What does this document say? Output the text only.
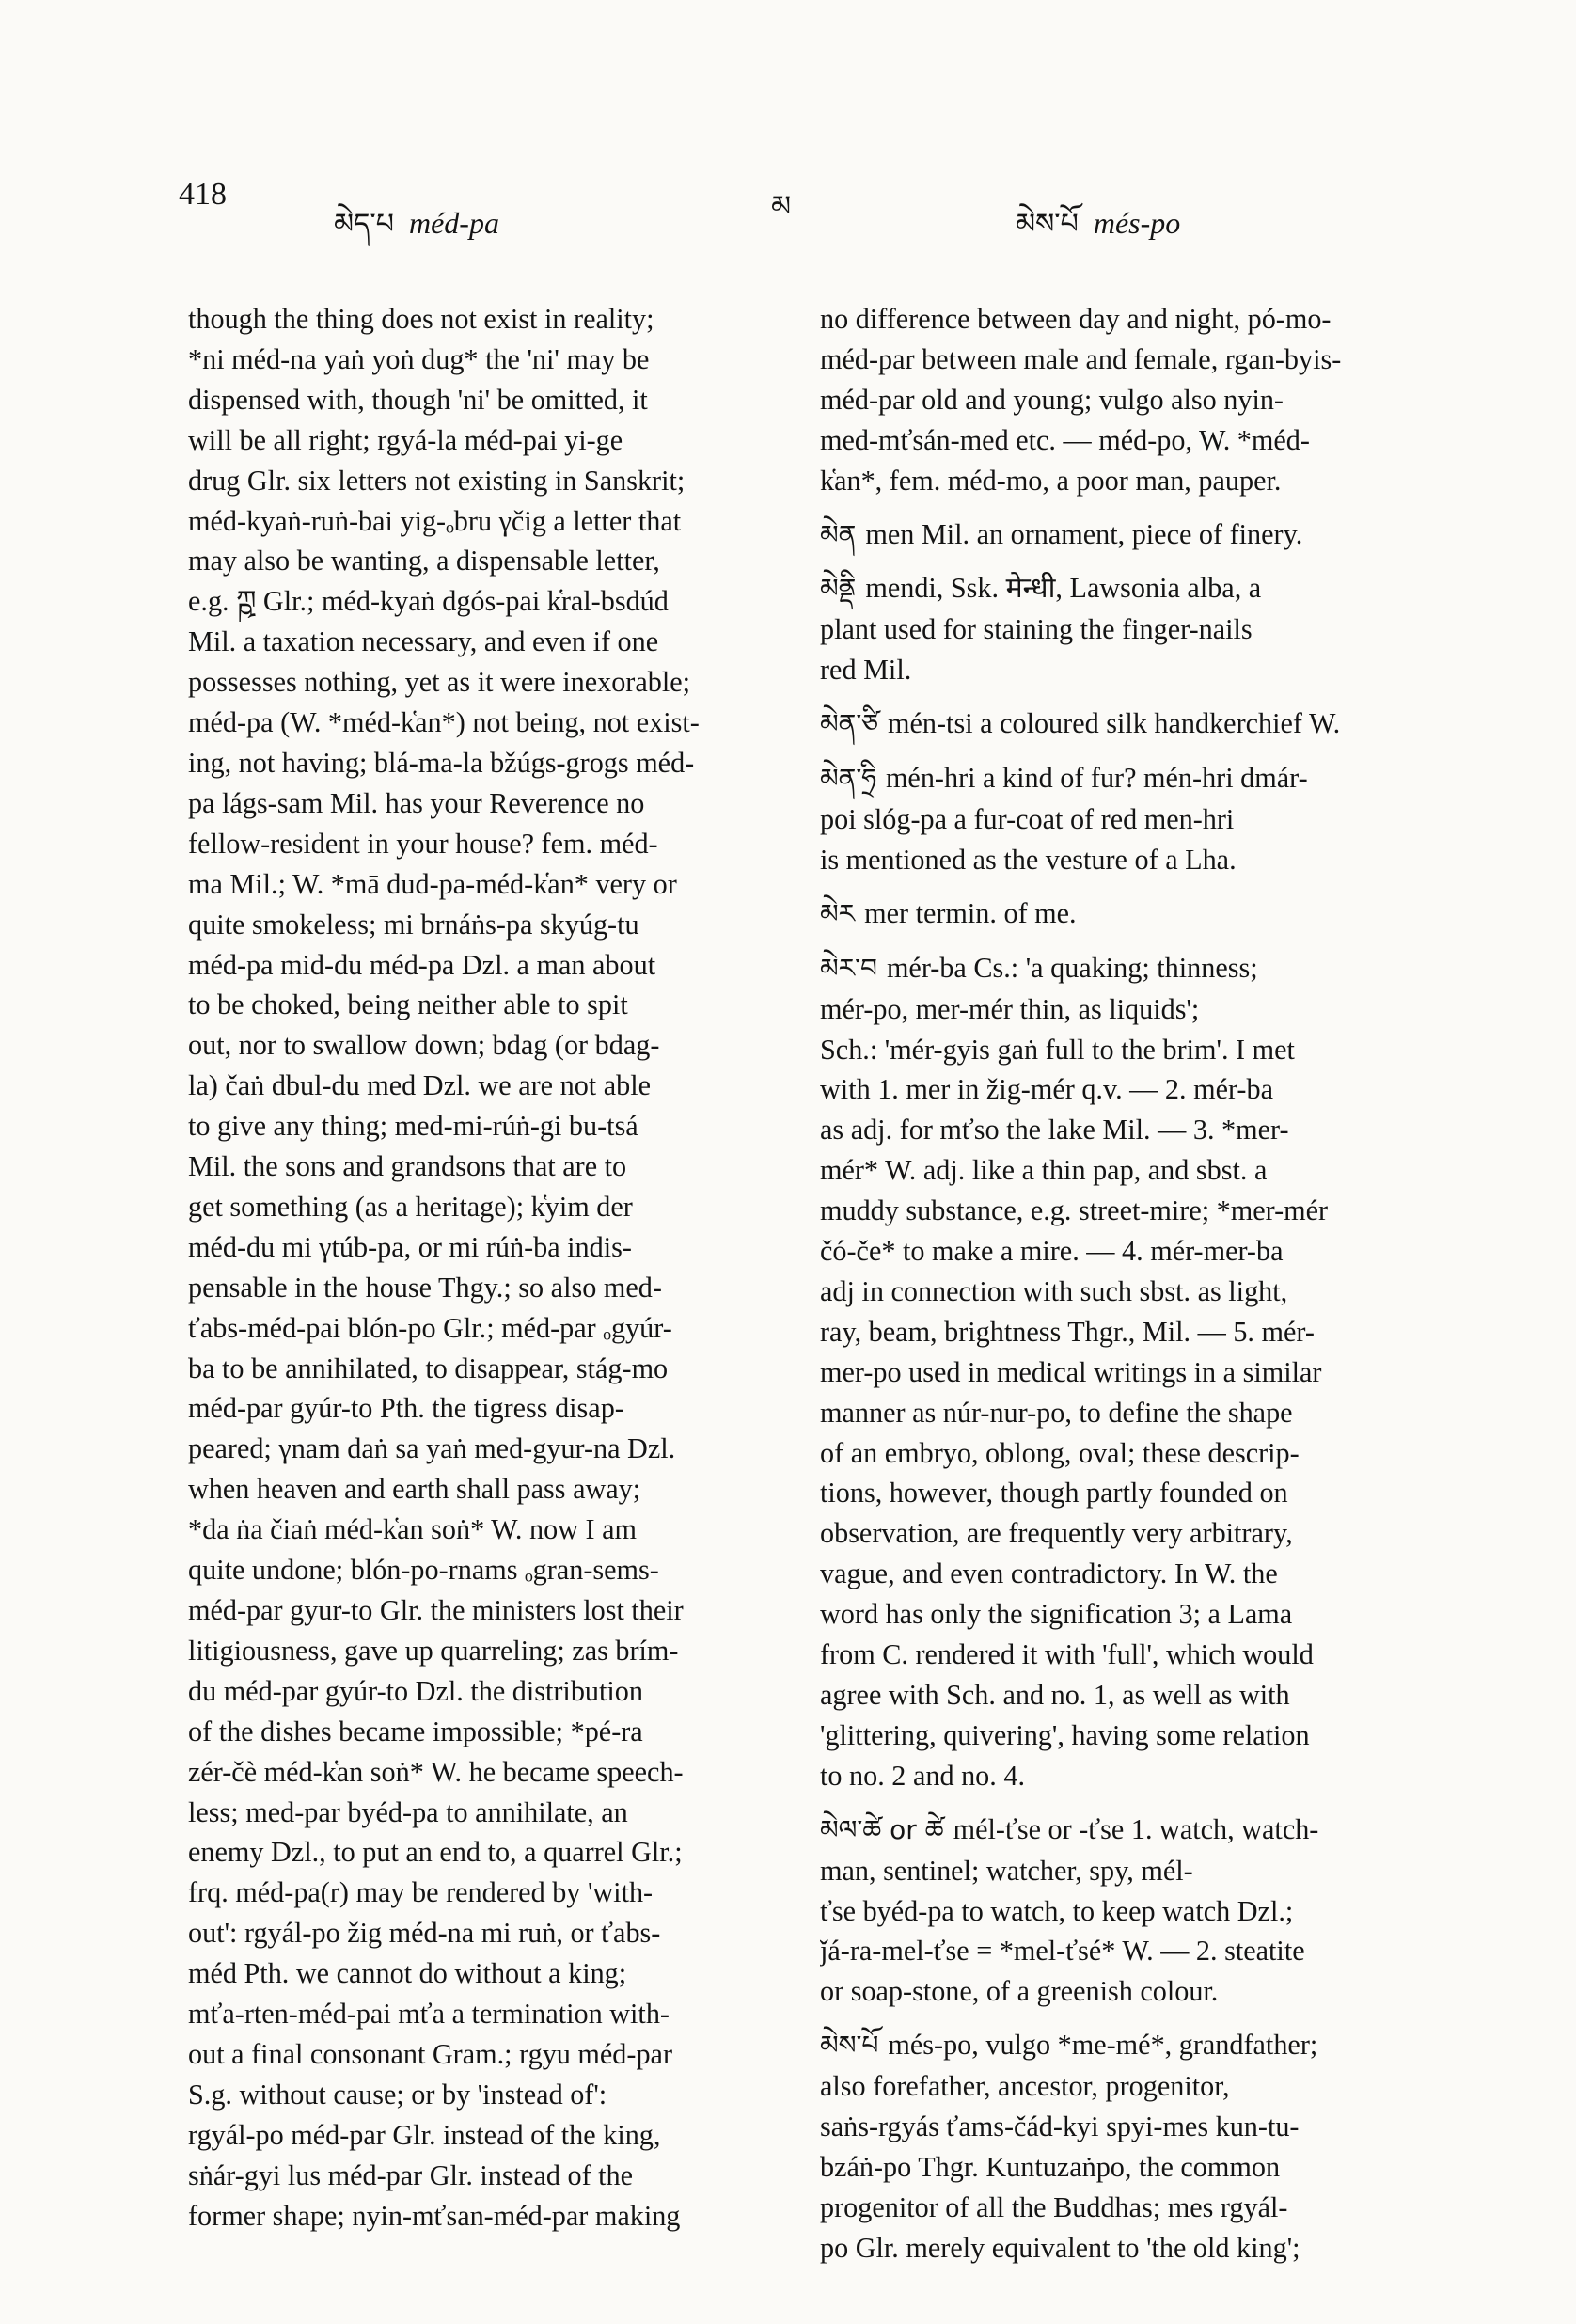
418
མེད་པ méd-pa	མ
མེས་པོ més-po
though the thing does not exist in reality;
*ni méd-na yaṅ yoṅ dug* the 'ni' may be
dispensed with, though 'ni' be omitted, it
will be all right; rgyá-la méd-pai yi-ge
drug Glr. six letters not existing in Sanskrit;
méd-kyaṅ-ruṅ-bai yig-ₒbru γčig a letter that
may also be wanting, a dispensable letter,
e.g. ཀྵ Glr.; méd-kyaṅ dgós-pai k̔ral-bsdúd
Mil. a taxation necessary, and even if one
possesses nothing, yet as it were inexorable;
méd-pa (W. *méd-k̔an*) not being, not exist-
ing, not having; blá-ma-la bžúgs-grogs méd-
pa lágs-sam Mil. has your Reverence no
fellow-resident in your house? fem. méd-
ma Mil.; W. *mā dud-pa-méd-k̔an* very or
quite smokeless; mi brnáṅs-pa skyúg-tu
méd-pa mid-du méd-pa Dzl. a man about
to be choked, being neither able to spit
out, nor to swallow down; bdag (or bdag-
la) čaṅ dbul-du med Dzl. we are not able
to give any thing; med-mi-rúṅ-gi bu-tsá
Mil. the sons and grandsons that are to
get something (as a heritage); k̔yim der
méd-du mi γtúb-pa, or mi rúṅ-ba indis-
pensable in the house Thgy.; so also med-
ťabs-méd-pai blón-po Glr.; méd-par ₒgyúr-
ba to be annihilated, to disappear, stág-mo
méd-par gyúr-to Pth. the tigress disap-
peared; γnam daṅ sa yaṅ med-gyur-na Dzl.
when heaven and earth shall pass away;
*da ṅa čiaṅ méd-k̔an soṅ* W. now I am
quite undone; blón-po-rnams ₒgran-sems-
méd-par gyur-to Glr. the ministers lost their
litigiousness, gave up quarreling; zas brím-
du méd-par gyúr-to Dzl. the distribution
of the dishes became impossible; *pé-ra
zér-čè méd-k̔an soṅ* W. he became speech-
less; med-par byéd-pa to annihilate, an
enemy Dzl., to put an end to, a quarrel Glr.;
frq. méd-pa(r) may be rendered by 'with-
out': rgyál-po žig méd-na mi ruṅ, or ťabs-
méd Pth. we cannot do without a king;
mťa-rten-méd-pai mťa a termination with-
out a final consonant Gram.; rgyu méd-par
S.g. without cause; or by 'instead of':
rgyál-po méd-par Glr. instead of the king,
sṅár-gyi lus méd-par Glr. instead of the
former shape; nyin-mťsan-méd-par making
no difference between day and night, pó-mo-
méd-par between male and female, rgan-byis-
méd-par old and young; vulgo also nyin-
med-mťsán-med etc. — méd-po, W. *méd-
k̔an*, fem. méd-mo, a poor man, pauper.
མེན men Mil. an ornament, piece of finery.

མེནྡི mendi, Ssk. मेन्धी, Lawsonia alba, a

plant used for staining the finger-nails
red Mil.
མེན་ཙི mén-tsi a coloured silk handkerchief W.

མེན་ཧྲི mén-hri a kind of fur? mén-hri dmár-

poi slóg-pa a fur-coat of red men-hri
is mentioned as the vesture of a Lha.
མེར mer termin. of me.

མེར་བ mér-ba Cs.: 'a quaking; thinness;

mér-po, mer-mér thin, as liquids';
Sch.: 'mér-gyis gaṅ full to the brim'. I met
with 1. mer in žig-mér q.v. — 2. mér-ba
as adj. for mťso the lake Mil. — 3. *mer-
mér* W. adj. like a thin pap, and sbst. a
muddy substance, e.g. street-mire; *mer-mér
čó-če* to make a mire. — 4. mér-mer-ba
adj in connection with such sbst. as light,
ray, beam, brightness Thgr., Mil. — 5. mér-
mer-po used in medical writings in a similar
manner as núr-nur-po, to define the shape
of an embryo, oblong, oval; these descrip-
tions, however, though partly founded on
observation, are frequently very arbitrary,
vague, and even contradictory. In W. the
word has only the signification 3; a Lama
from C. rendered it with 'full', which would
agree with Sch. and no. 1, as well as with
'glittering, quivering', having some relation
to no. 2 and no. 4.
མེལ་ཚེ or ཚེ mél-ťse or -ťse 1. watch, watch-

man, sentinel; watcher, spy, mél-
ťse byéd-pa to watch, to keep watch Dzl.;
ǰá-ra-mel-ťse = *mel-ťsé* W. — 2. steatite
or soap-stone, of a greenish colour.
མེས་པོ més-po, vulgo *me-mé*, grandfather;

also forefather, ancestor, progenitor,
saṅs-rgyás ťams-čád-kyi spyi-mes kun-tu-
bzáṅ-po Thgr. Kuntuzaṅpo, the common
progenitor of all the Buddhas; mes rgyál-
po Glr. merely equivalent to 'the old king';
